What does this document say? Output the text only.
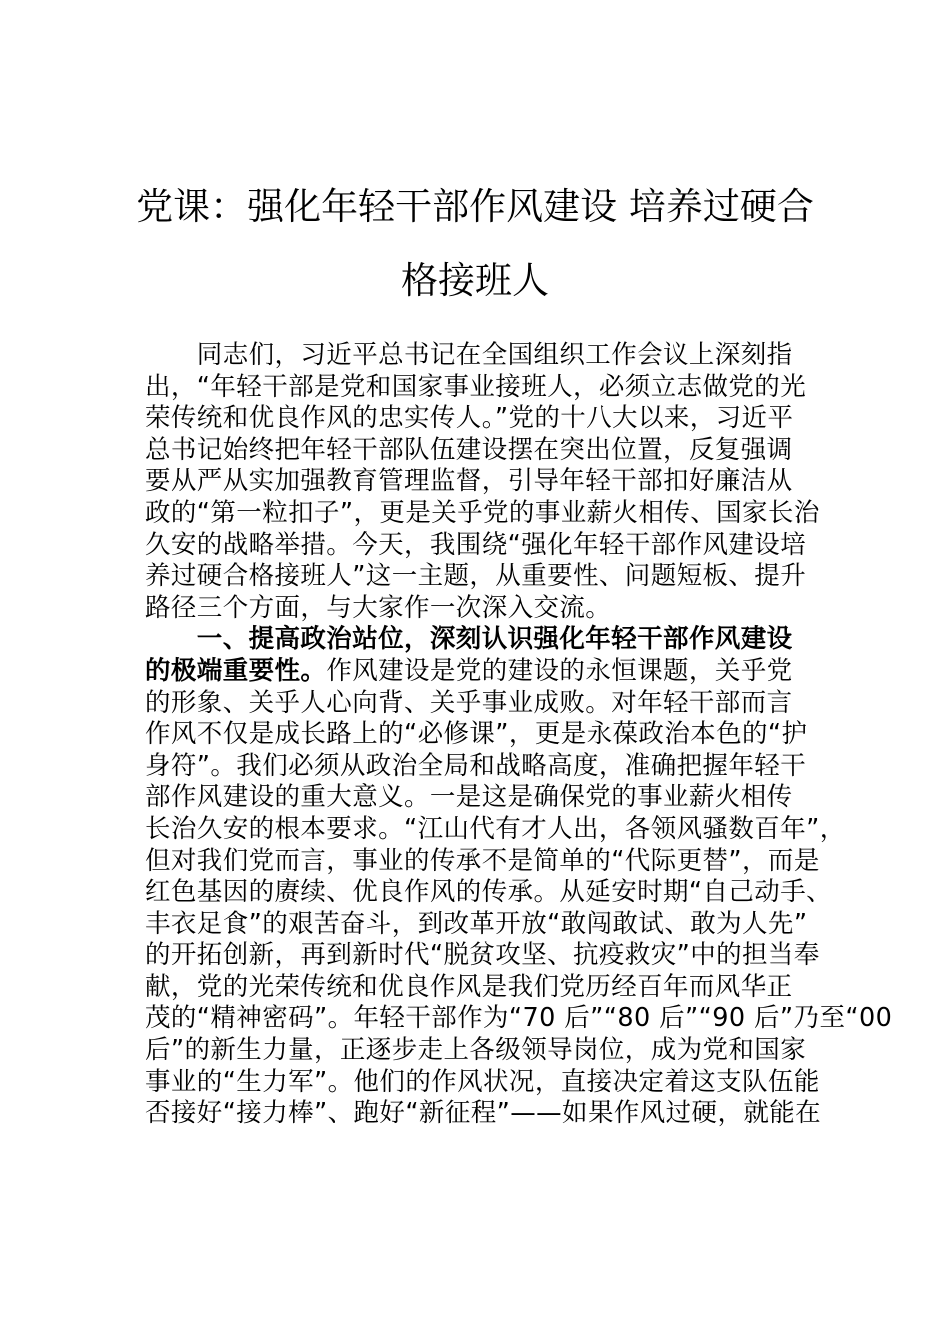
党课：强化年轻干部作风建设 培养过硬合
格接班人
　　同志们，习近平总书记在全国组织工作会议上深刻指
出，“年轻干部是党和国家事业接班人，必须立志做党的光
荣传统和优良作风的忠实传人。”党的十八大以来，习近平
总书记始终把年轻干部队伍建设摆在突出位置，反复强调
要从严从实加强教育管理监督，引导年轻干部扣好廉洁从
政的“第一粒扣子”，更是关乎党的事业薪火相传、国家长治
久安的战略举措。今天，我围绕“强化年轻干部作风建设培
养过硬合格接班人”这一主题，从重要性、问题短板、提升
路径三个方面，与大家作一次深入交流。
　　一、提高政治站位，深刻认识强化年轻干部作风建设
的极端重要性。作风建设是党的建设的永恒课题，关乎党
的形象、关乎人心向背、关乎事业成败。对年轻干部而言
作风不仅是成长路上的“必修课”，更是永葆政治本色的“护
身符”。我们必须从政治全局和战略高度，准确把握年轻干
部作风建设的重大意义。一是这是确保党的事业薪火相传
长治久安的根本要求。“江山代有才人出，各领风骚数百年”，
但对我们党而言，事业的传承不是简单的“代际更替”，而是
红色基因的赓续、优良作风的传承。从延安时期“自己动手、
丰衣足食”的艰苦奋斗，到改革开放“敢闯敢试、敢为人先”
的开拓创新，再到新时代“脱贫攻坚、抗疫救灾”中的担当奉
献，党的光荣传统和优良作风是我们党历经百年而风华正
茂的“精神密码”。年轻干部作为“70 后”“80 后”“90 后”乃至“00
后”的新生力量，正逐步走上各级领导岗位，成为党和国家
事业的“生力军”。他们的作风状况，直接决定着这支队伍能
否接好“接力棒”、跑好“新征程”——如果作风过硬，就能在
